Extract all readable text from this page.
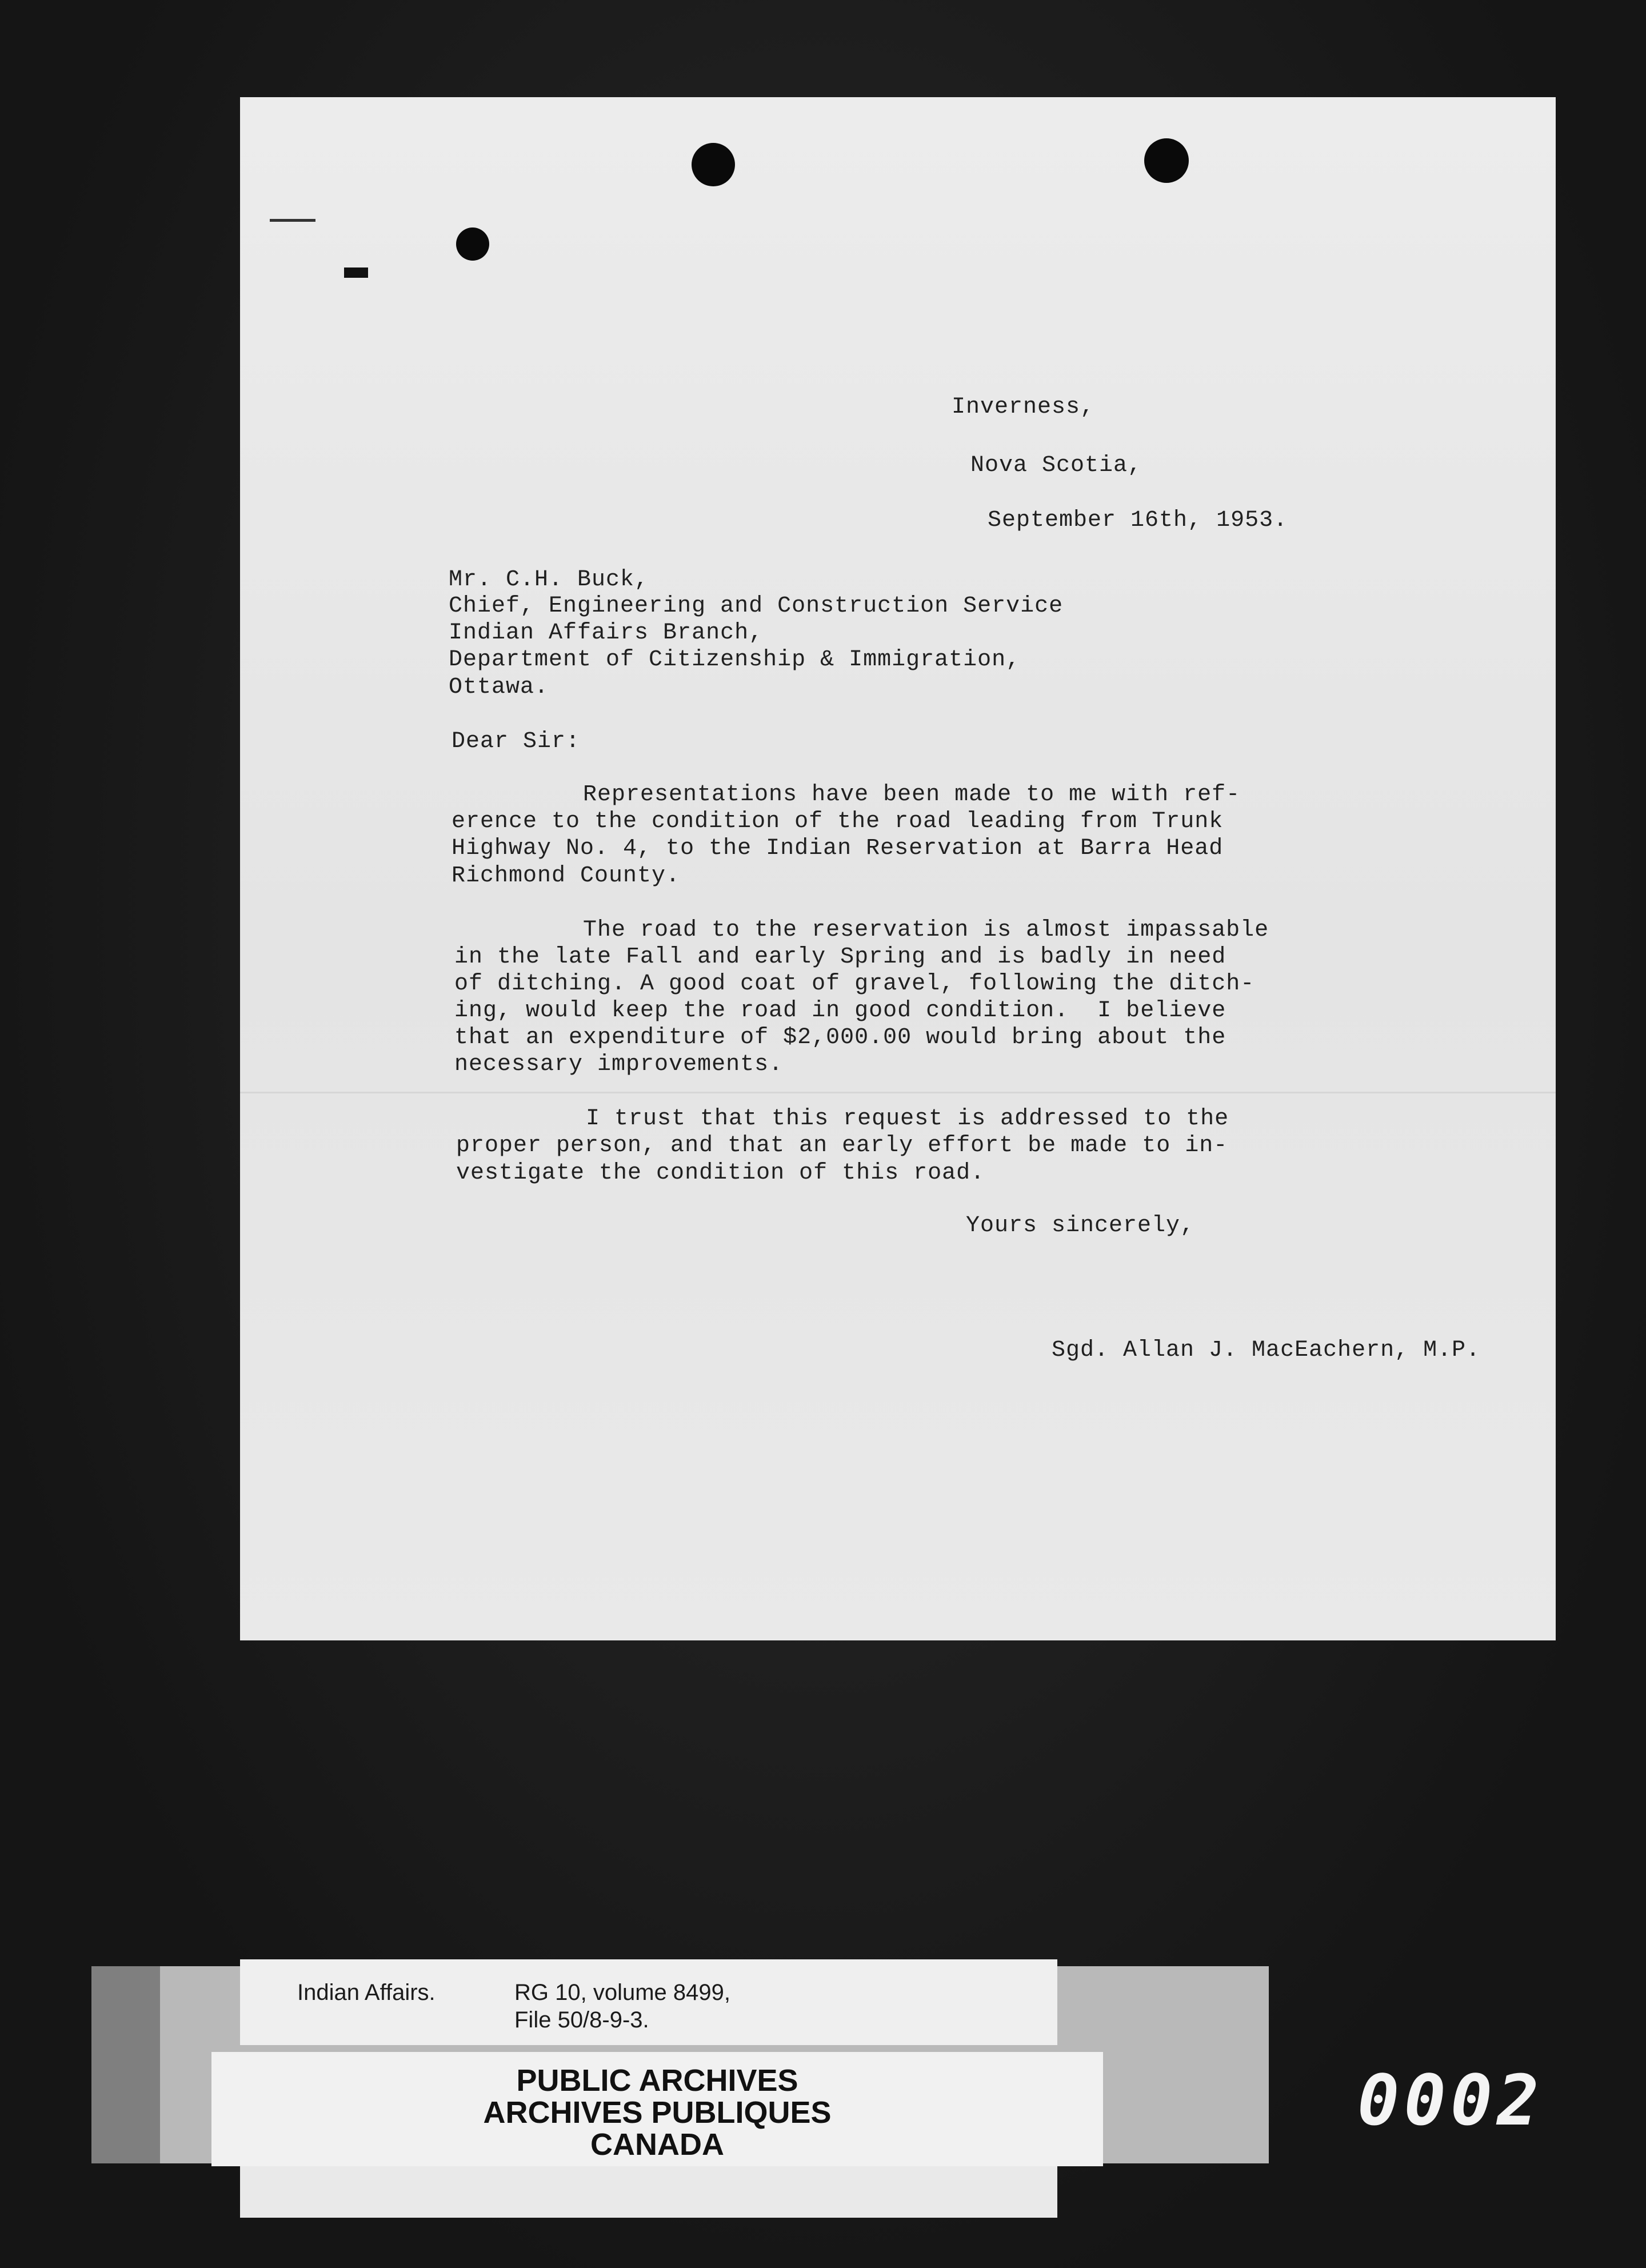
Inverness,
Nova Scotia,
September 16th, 1953.
Mr. C.H. Buck,
Chief, Engineering and Construction Service
Indian Affairs Branch,
Department of Citizenship & Immigration,
Ottawa.
Dear Sir:
Representations have been made to me with ref-
erence to the condition of the road leading from Trunk
Highway No. 4, to the Indian Reservation at Barra Head
Richmond County.
The road to the reservation is almost impassable
in the late Fall and early Spring and is badly in need
of ditching. A good coat of gravel, following the ditch-
ing, would keep the road in good condition.  I believe
that an expenditure of $2,000.00 would bring about the
necessary improvements.
I trust that this request is addressed to the
proper person, and that an early effort be made to in-
vestigate the condition of this road.
Yours sincerely,
Sgd. Allan J. MacEachern, M.P.
Indian Affairs.	RG 10, volume 8499,
File 50/8-9-3.
PUBLIC ARCHIVES
ARCHIVES PUBLIQUES
CANADA
0002
